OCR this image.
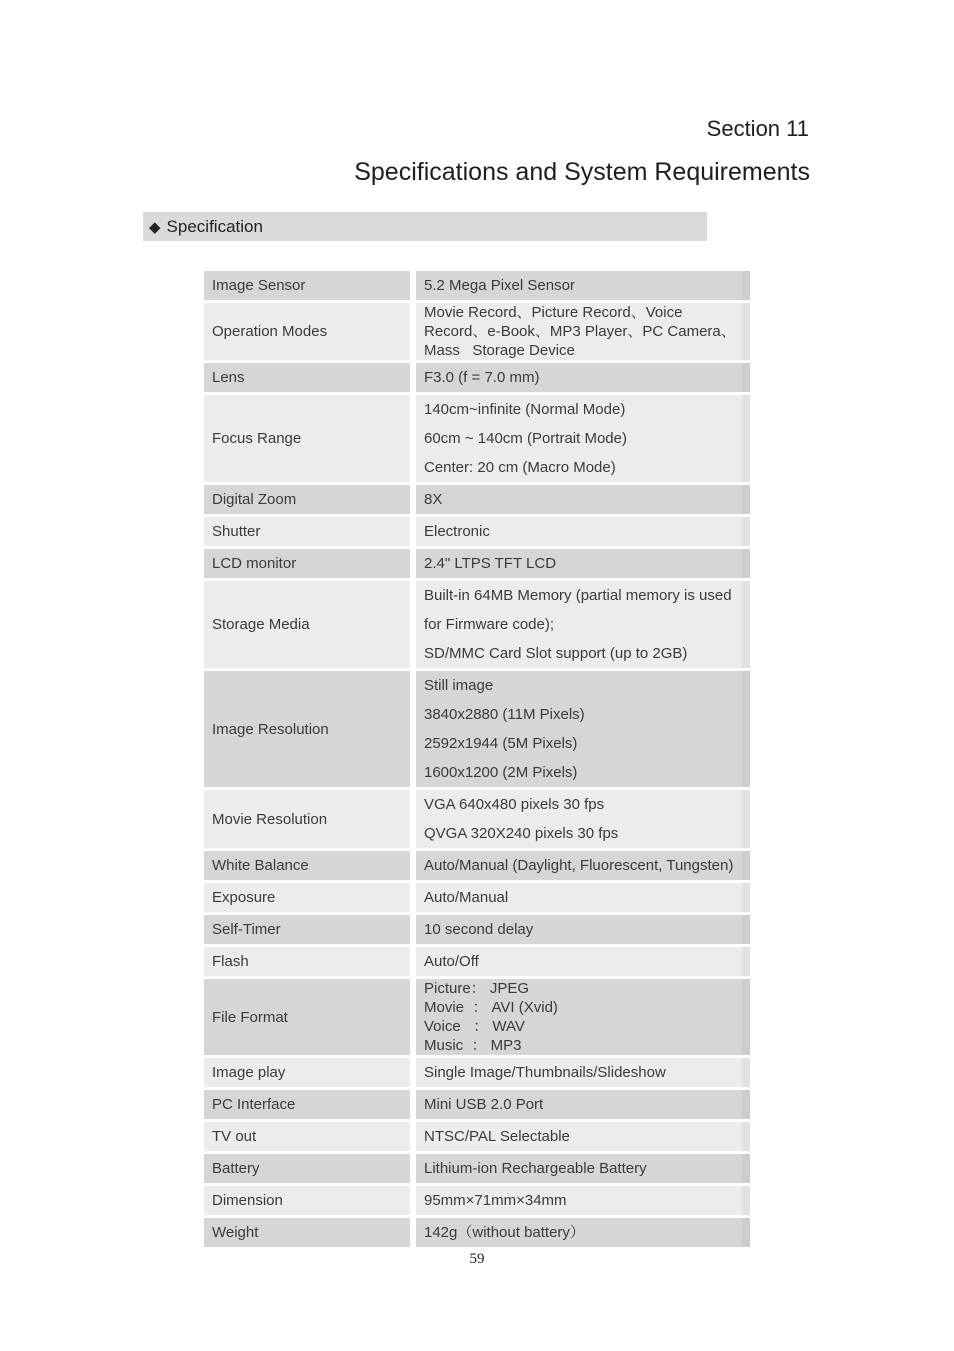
Section 11
Specifications and System Requirements
◆ Specification
Image Sensor	5.2 Mega Pixel Sensor

Operation Modes	Movie Record、Picture Record、Voice
Record、e-Book、MP3 Player、PC Camera、
Mass   Storage Device

Lens	F3.0 (f = 7.0 mm)

Focus Range	140cm~infinite (Normal Mode)
60cm ~ 140cm (Portrait Mode)
Center: 20 cm (Macro Mode)

Digital Zoom	8X

Shutter	Electronic

LCD monitor	2.4" LTPS TFT LCD

Storage Media	Built-in 64MB Memory (partial memory is used
for Firmware code);
SD/MMC Card Slot support (up to 2GB)

Image Resolution	Still image
3840x2880 (11M Pixels)
2592x1944 (5M Pixels)
1600x1200 (2M Pixels)

Movie Resolution	VGA 640x480 pixels 30 fps
QVGA 320X240 pixels 30 fps

White Balance	Auto/Manual (Daylight, Fluorescent, Tungsten)

Exposure	Auto/Manual

Self-Timer	10 second delay

Flash	Auto/Off

File Format	Picture： JPEG
Movie  ： AVI (Xvid)
Voice   ： WAV
Music  ： MP3

Image play	Single Image/Thumbnails/Slideshow

PC Interface	Mini USB 2.0 Port

TV out	NTSC/PAL Selectable

Battery	Lithium-ion Rechargeable Battery

Dimension	95mm×71mm×34mm

Weight	142g（without battery）
59
